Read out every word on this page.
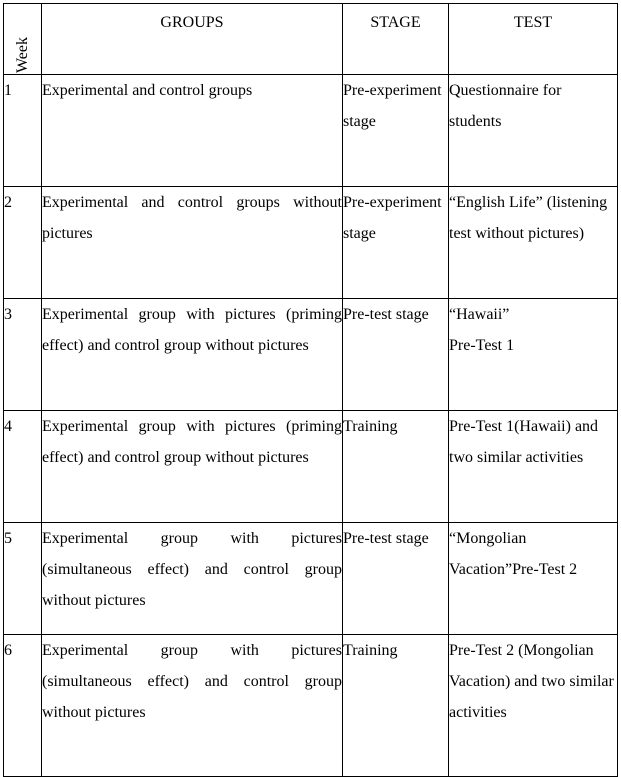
Week	GROUPS	STAGE	TEST

1	Experimental and control groups	Pre-experiment stage	Questionnaire for students

2	Experimental and control groups without pictures	Pre-experiment stage	“English Life” (listening test without pictures)

3	Experimental group with pictures (priming effect) and control group without pictures	Pre-test stage	“Hawaii”
Pre-Test 1

4	Experimental group with pictures (priming effect) and control group without pictures	Training	Pre-Test 1(Hawaii) and two similar activities

5	Experimental group with pictures (simultaneous effect) and control group without pictures	Pre-test stage	“Mongolian Vacation”Pre-Test 2

6	Experimental group with pictures (simultaneous effect) and control group without pictures	Training	Pre-Test 2 (Mongolian Vacation) and two similar activities
